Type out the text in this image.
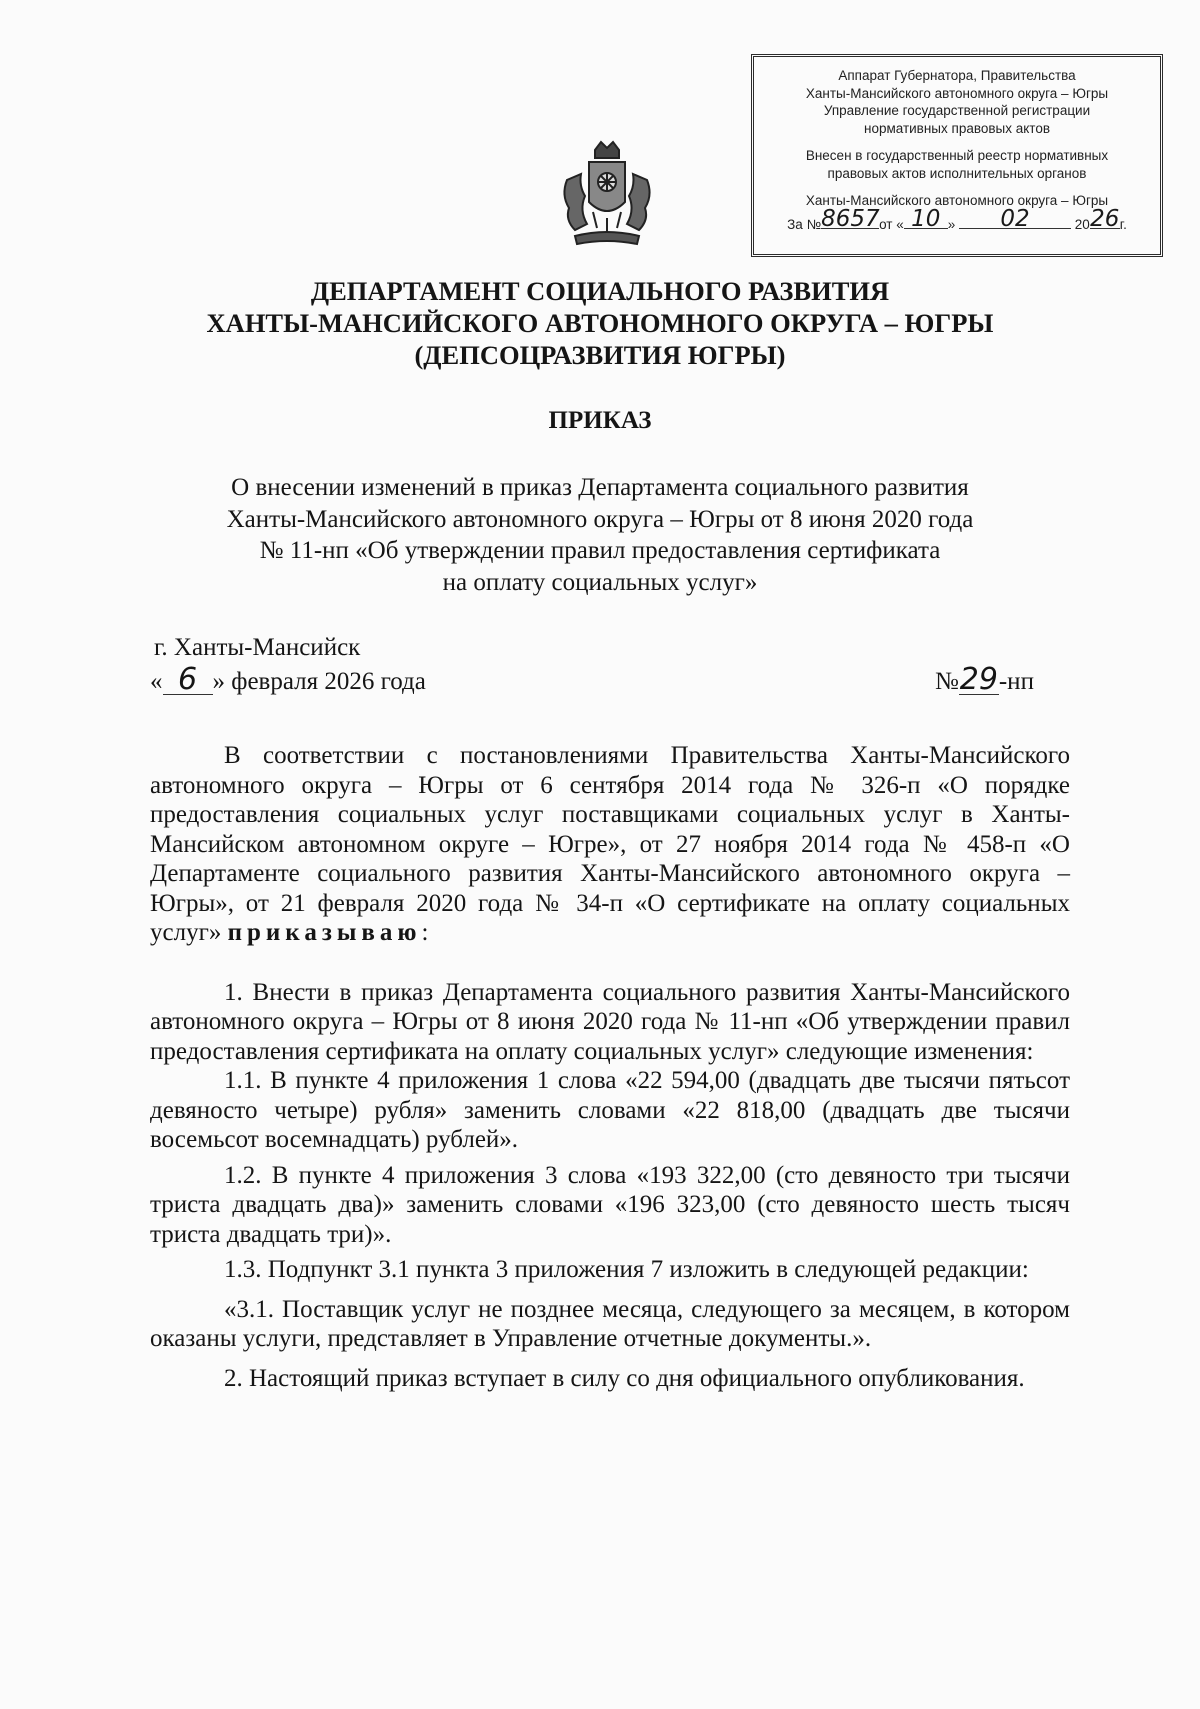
Аппарат Губернатора, Правительства
Ханты-Мансийского автономного округа – Югры
Управление государственной регистрации
нормативных правовых актов
Внесен в государственный реестр нормативных
правовых актов исполнительных органов
Ханты-Мансийского автономного округа – Югры
За №8657от « 10 » 02	2026г.
ДЕПАРТАМЕНТ СОЦИАЛЬНОГО РАЗВИТИЯ
ХАНТЫ-МАНСИЙСКОГО АВТОНОМНОГО ОКРУГА – ЮГРЫ
(ДЕПСОЦРАЗВИТИЯ ЮГРЫ)
ПРИКАЗ
О внесении изменений в приказ Департамента социального развития
Ханты-Мансийского автономного округа – Югры от 8 июня 2020 года
№ 11-нп «Об утверждении правил предоставления сертификата
на оплату социальных услуг»
г. Ханты-Мансийск
« 6 » февраля 2026 года	№29-нп

В соответствии с постановлениями Правительства Ханты-Мансийского автономного округа – Югры от 6 сентября 2014 года № 326-п «О порядке предоставления социальных услуг поставщиками социальных услуг в Ханты-Мансийском автономном округе – Югре», от 27 ноября 2014 года № 458-п «О Департаменте социального развития Ханты-Мансийского автономного округа – Югры», от 21 февраля 2020 года № 34-п «О сертификате на оплату социальных услуг» приказываю:

1. Внести в приказ Департамента социального развития Ханты-Мансийского автономного округа – Югры от 8 июня 2020 года № 11-нп «Об утверждении правил предоставления сертификата на оплату социальных услуг» следующие изменения:

1.1. В пункте 4 приложения 1 слова «22 594,00 (двадцать две тысячи пятьсот девяносто четыре) рубля» заменить словами «22 818,00 (двадцать две тысячи восемьсот восемнадцать) рублей».

1.2. В пункте 4 приложения 3 слова «193 322,00 (сто девяносто три тысячи триста двадцать два)» заменить словами «196 323,00 (сто девяносто шесть тысяч триста двадцать три)».

1.3. Подпункт 3.1 пункта 3 приложения 7 изложить в следующей редакции:

«3.1. Поставщик услуг не позднее месяца, следующего за месяцем, в котором оказаны услуги, представляет в Управление отчетные документы.».

2. Настоящий приказ вступает в силу со дня официального опубликования.
